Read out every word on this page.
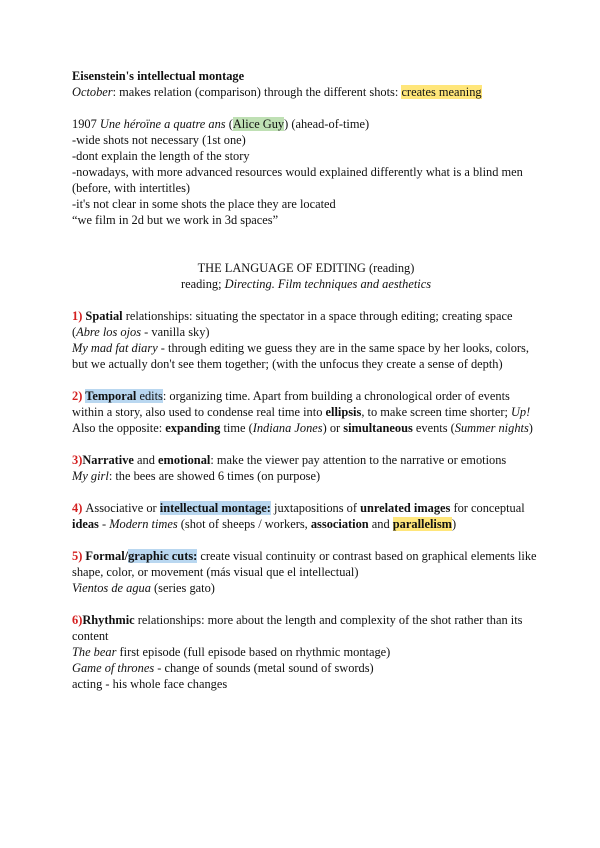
Eisenstein's intellectual montage

October: makes relation (comparison) through the different shots: creates meaning

1907 Une héroïne a quatre ans (Alice Guy) (ahead-of-time)

-wide shots not necessary (1st one)

-dont explain the length of the story

-nowadays, with more advanced resources would explained differently what is a blind men

(before, with intertitles)

-it's not clear in some shots the place they are located

“we film in 2d but we work in 3d spaces”

THE LANGUAGE OF EDITING (reading)

reading; Directing. Film techniques and aesthetics

1) Spatial relationships: situating the spectator in a space through editing; creating space

(Abre los ojos - vanilla sky)

My mad fat diary - through editing we guess they are in the same space by her looks, colors,

but we actually don't see them together; (with the unfocus they create a sense of depth)

2) Temporal edits: organizing time. Apart from building a chronological order of events

within a story, also used to condense real time into ellipsis, to make screen time shorter; Up!

Also the opposite: expanding time (Indiana Jones) or simultaneous events (Summer nights)

3)Narrative and emotional: make the viewer pay attention to the narrative or emotions

My girl: the bees are showed 6 times (on purpose)

4) Associative or intellectual montage: juxtapositions of unrelated images for conceptual

ideas - Modern times (shot of sheeps / workers, association and parallelism)

5) Formal/graphic cuts: create visual continuity or contrast based on graphical elements like

shape, color, or movement (más visual que el intellectual)

Vientos de agua (series gato)

6)Rhythmic relationships: more about the length and complexity of the shot rather than its

content

The bear first episode (full episode based on rhythmic montage)

Game of thrones - change of sounds (metal sound of swords)

acting - his whole face changes
